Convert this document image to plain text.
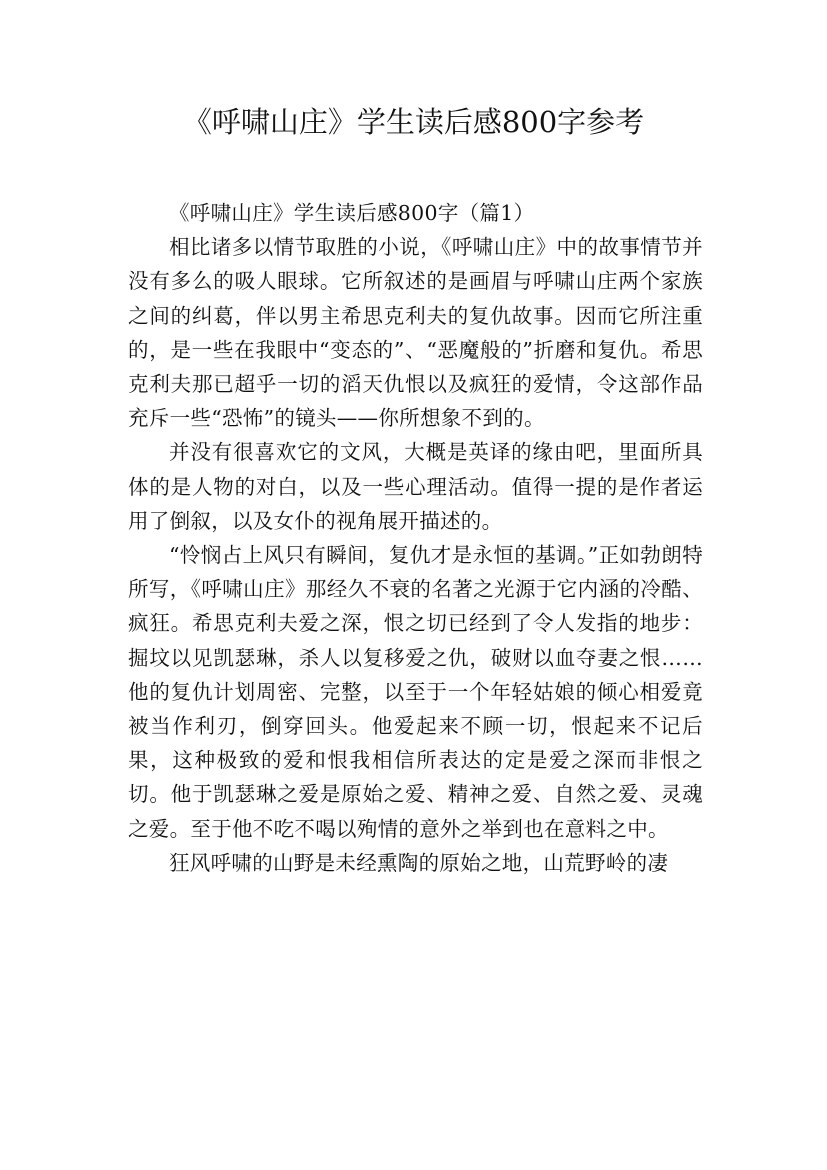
《呼啸山庄》学生读后感800字参考

《呼啸山庄》学生读后感800字（篇1）

相比诸多以情节取胜的小说，《呼啸山庄》中的故事情节并没有多么的吸人眼球。它所叙述的是画眉与呼啸山庄两个家族之间的纠葛，伴以男主希思克利夫的复仇故事。因而它所注重的，是一些在我眼中“变态的”、“恶魔般的”折磨和复仇。希思克利夫那已超乎一切的滔天仇恨以及疯狂的爱情，令这部作品充斥一些“恐怖”的镜头——你所想象不到的。

并没有很喜欢它的文风，大概是英译的缘由吧，里面所具体的是人物的对白，以及一些心理活动。值得一提的是作者运用了倒叙，以及女仆的视角展开描述的。

“怜悯占上风只有瞬间，复仇才是永恒的基调。”正如勃朗特所写，《呼啸山庄》那经久不衰的名著之光源于它内涵的冷酷、疯狂。希思克利夫爱之深，恨之切已经到了令人发指的地步：掘坟以见凯瑟琳，杀人以复移爱之仇，破财以血夺妻之恨……他的复仇计划周密、完整，以至于一个年轻姑娘的倾心相爱竟被当作利刃，倒穿回头。他爱起来不顾一切，恨起来不记后果，这种极致的爱和恨我相信所表达的定是爱之深而非恨之切。他于凯瑟琳之爱是原始之爱、精神之爱、自然之爱、灵魂之爱。至于他不吃不喝以殉情的意外之举到也在意料之中。

狂风呼啸的山野是未经熏陶的原始之地，山荒野岭的凄
